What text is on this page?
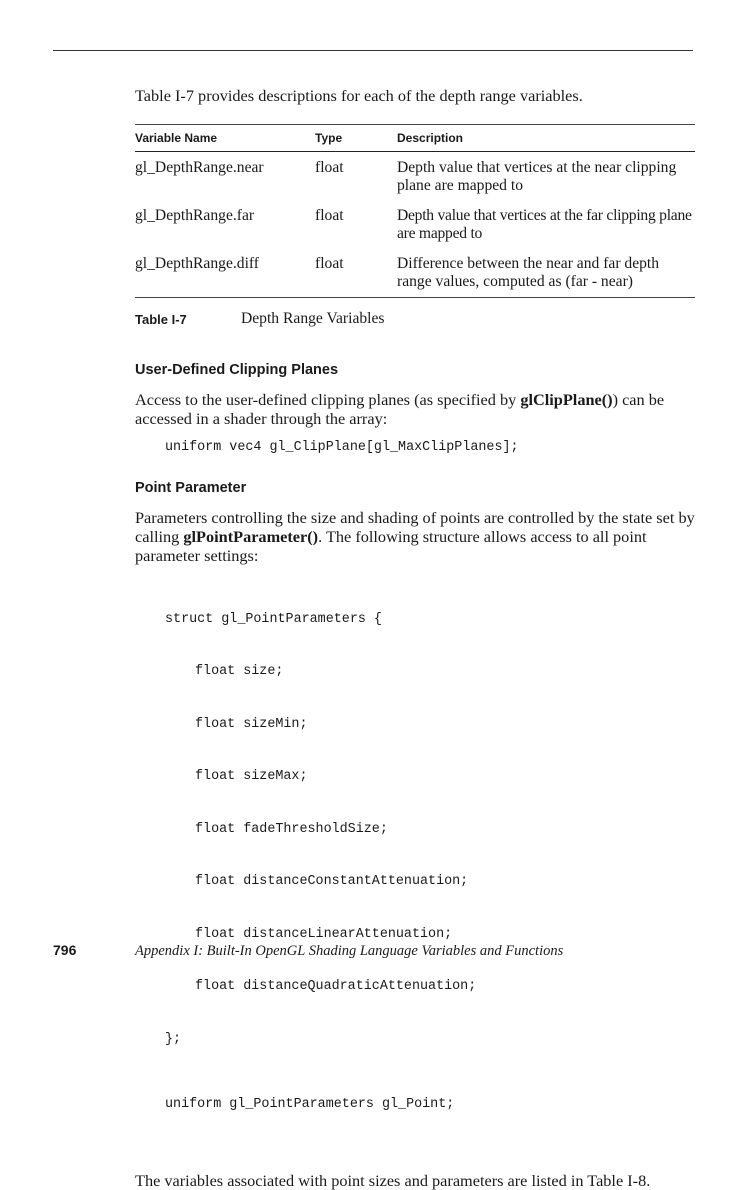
Table I-7 provides descriptions for each of the depth range variables.

Variable Name	Type	Description
gl_DepthRange.near	float	Depth value that vertices at the near clipping plane are mapped to
gl_DepthRange.far	float	Depth value that vertices at the far clipping plane are mapped to
gl_DepthRange.diff	float	Difference between the near and far depth range values, computed as (far - near)
Table I-7	Depth Range Variables
User-Defined Clipping Planes

Access to the user-defined clipping planes (as specified by glClipPlane()) can be accessed in a shader through the array:

uniform vec4 gl_ClipPlane[gl_MaxClipPlanes];
Point Parameter

Parameters controlling the size and shading of points are controlled by the state set by calling glPointParameter(). The following structure allows access to all point parameter settings:

struct gl_PointParameters {

float size;

float sizeMin;

float sizeMax;

float fadeThresholdSize;

float distanceConstantAttenuation;

float distanceLinearAttenuation;

float distanceQuadraticAttenuation;

};

uniform gl_PointParameters gl_Point;

The variables associated with point sizes and parameters are listed in Table I-8.

796	Appendix I: Built-In OpenGL Shading Language Variables and Functions
